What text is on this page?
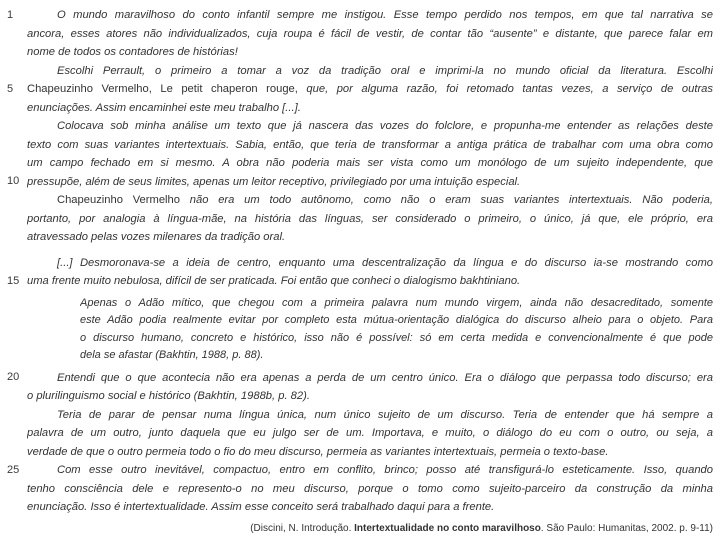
1
5
10
15
20
25

O mundo maravilhoso do conto infantil sempre me instigou. Esse tempo perdido nos tempos, em que tal narrativa se
ancora, esses atores não individualizados, cuja roupa é fácil de vestir, de contar tão “ausente” e distante, que parece falar em
nome de todos os contadores de histórias!

Escolhi Perrault, o primeiro a tomar a voz da tradição oral e imprimi-la no mundo oficial da literatura. Escolhi
Chapeuzinho Vermelho, Le petit chaperon rouge, que, por alguma razão, foi retomado tantas vezes, a serviço de outras
enunciações. Assim encaminhei este meu trabalho [...].

Colocava sob minha análise um texto que já nascera das vozes do folclore, e propunha-me entender as relações deste
texto com suas variantes intertextuais. Sabia, então, que teria de transformar a antiga prática de trabalhar com uma obra como
um campo fechado em si mesmo. A obra não poderia mais ser vista como um monólogo de um sujeito independente, que
pressupõe, além de seus limites, apenas um leitor receptivo, privilegiado por uma intuição especial.

Chapeuzinho Vermelho não era um todo autônomo, como não o eram suas variantes intertextuais. Não poderia,
portanto, por analogia à língua-mãe, na história das línguas, ser considerado o primeiro, o único, já que, ele próprio, era
atravessado pelas vozes milenares da tradição oral.

[...] Desmoronava-se a ideia de centro, enquanto uma descentralização da língua e do discurso ia-se mostrando como
uma frente muito nebulosa, difícil de ser praticada. Foi então que conheci o dialogismo bakhtiniano.

Apenas o Adão mítico, que chegou com a primeira palavra num mundo virgem, ainda não desacreditado, somente
este Adão podia realmente evitar por completo esta mútua-orientação dialógica do discurso alheio para o objeto. Para
o discurso humano, concreto e histórico, isso não é possível: só em certa medida e convencionalmente é que pode
dela se afastar (Bakhtin, 1988, p. 88).

Entendi que o que acontecia não era apenas a perda de um centro único. Era o diálogo que perpassa todo discurso; era
o plurilinguismo social e histórico (Bakhtin, 1988b, p. 82).

Teria de parar de pensar numa língua única, num único sujeito de um discurso. Teria de entender que há sempre a
palavra de um outro, junto daquela que eu julgo ser de um. Importava, e muito, o diálogo do eu com o outro, ou seja, a
verdade de que o outro permeia todo o fio do meu discurso, permeia as variantes intertextuais, permeia o texto-base.

Com esse outro inevitável, compactuo, entro em conflito, brinco; posso até transfigurá-lo esteticamente. Isso, quando
tenho consciência dele e represento-o no meu discurso, porque o tomo como sujeito-parceiro da construção da minha
enunciação. Isso é intertextualidade. Assim esse conceito será trabalhado daqui para a frente.

(Discini, N. Introdução. Intertextualidade no conto maravilhoso. São Paulo: Humanitas, 2002. p. 9-11)
